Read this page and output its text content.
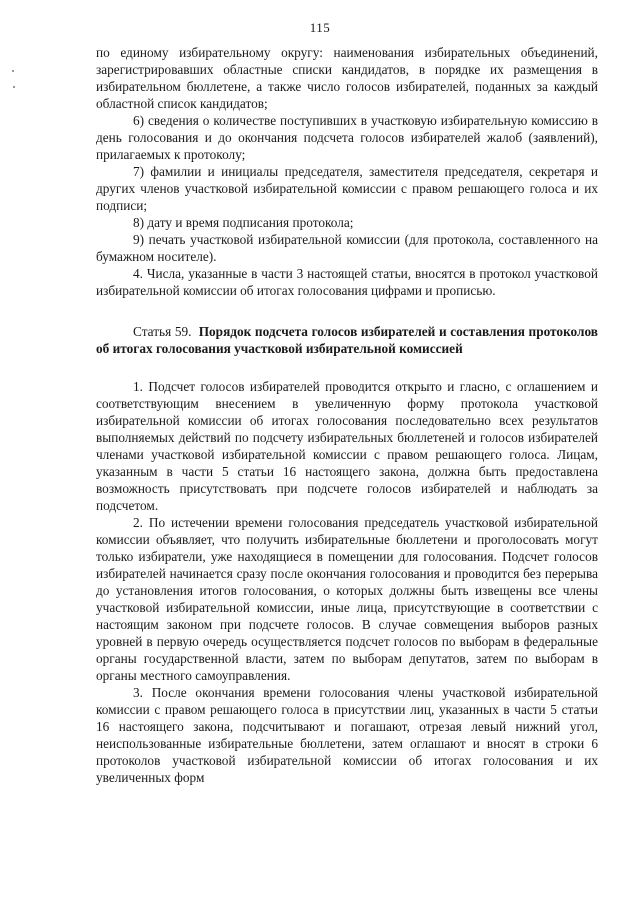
115

по единому избирательному округу: наименования избирательных объединений, зарегистрировавших областные списки кандидатов, в порядке их размещения в избирательном бюллетене, а также число голосов избирателей, поданных за каждый областной список кандидатов;

6) сведения о количестве поступивших в участковую избирательную комиссию в день голосования и до окончания подсчета голосов избирателей жалоб (заявлений), прилагаемых к протоколу;

7) фамилии и инициалы председателя, заместителя председателя, секретаря и других членов участковой избирательной комиссии с правом решающего голоса и их подписи;

8) дату и время подписания протокола;

9) печать участковой избирательной комиссии (для протокола, составленного на бумажном носителе).

4. Числа, указанные в части 3 настоящей статьи, вносятся в протокол участковой избирательной комиссии об итогах голосования цифрами и прописью.

Статья 59. Порядок подсчета голосов избирателей и составления протоколов об итогах голосования участковой избирательной комиссией

1. Подсчет голосов избирателей проводится открыто и гласно, с оглашением и соответствующим внесением в увеличенную форму протокола участковой избирательной комиссии об итогах голосования последовательно всех результатов выполняемых действий по подсчету избирательных бюллетеней и голосов избирателей членами участковой избирательной комиссии с правом решающего голоса. Лицам, указанным в части 5 статьи 16 настоящего закона, должна быть предоставлена возможность присутствовать при подсчете голосов избирателей и наблюдать за подсчетом.

2. По истечении времени голосования председатель участковой избирательной комиссии объявляет, что получить избирательные бюллетени и проголосовать могут только избиратели, уже находящиеся в помещении для голосования. Подсчет голосов избирателей начинается сразу после окончания голосования и проводится без перерыва до установления итогов голосования, о которых должны быть извещены все члены участковой избирательной комиссии, иные лица, присутствующие в соответствии с настоящим законом при подсчете голосов. В случае совмещения выборов разных уровней в первую очередь осуществляется подсчет голосов по выборам в федеральные органы государственной власти, затем по выборам депутатов, затем по выборам в органы местного самоуправления.

3. После окончания времени голосования члены участковой избирательной комиссии с правом решающего голоса в присутствии лиц, указанных в части 5 статьи 16 настоящего закона, подсчитывают и погашают, отрезая левый нижний угол, неиспользованные избирательные бюллетени, затем оглашают и вносят в строки 6 протоколов участковой избирательной комиссии об итогах голосования и их увеличенных форм
